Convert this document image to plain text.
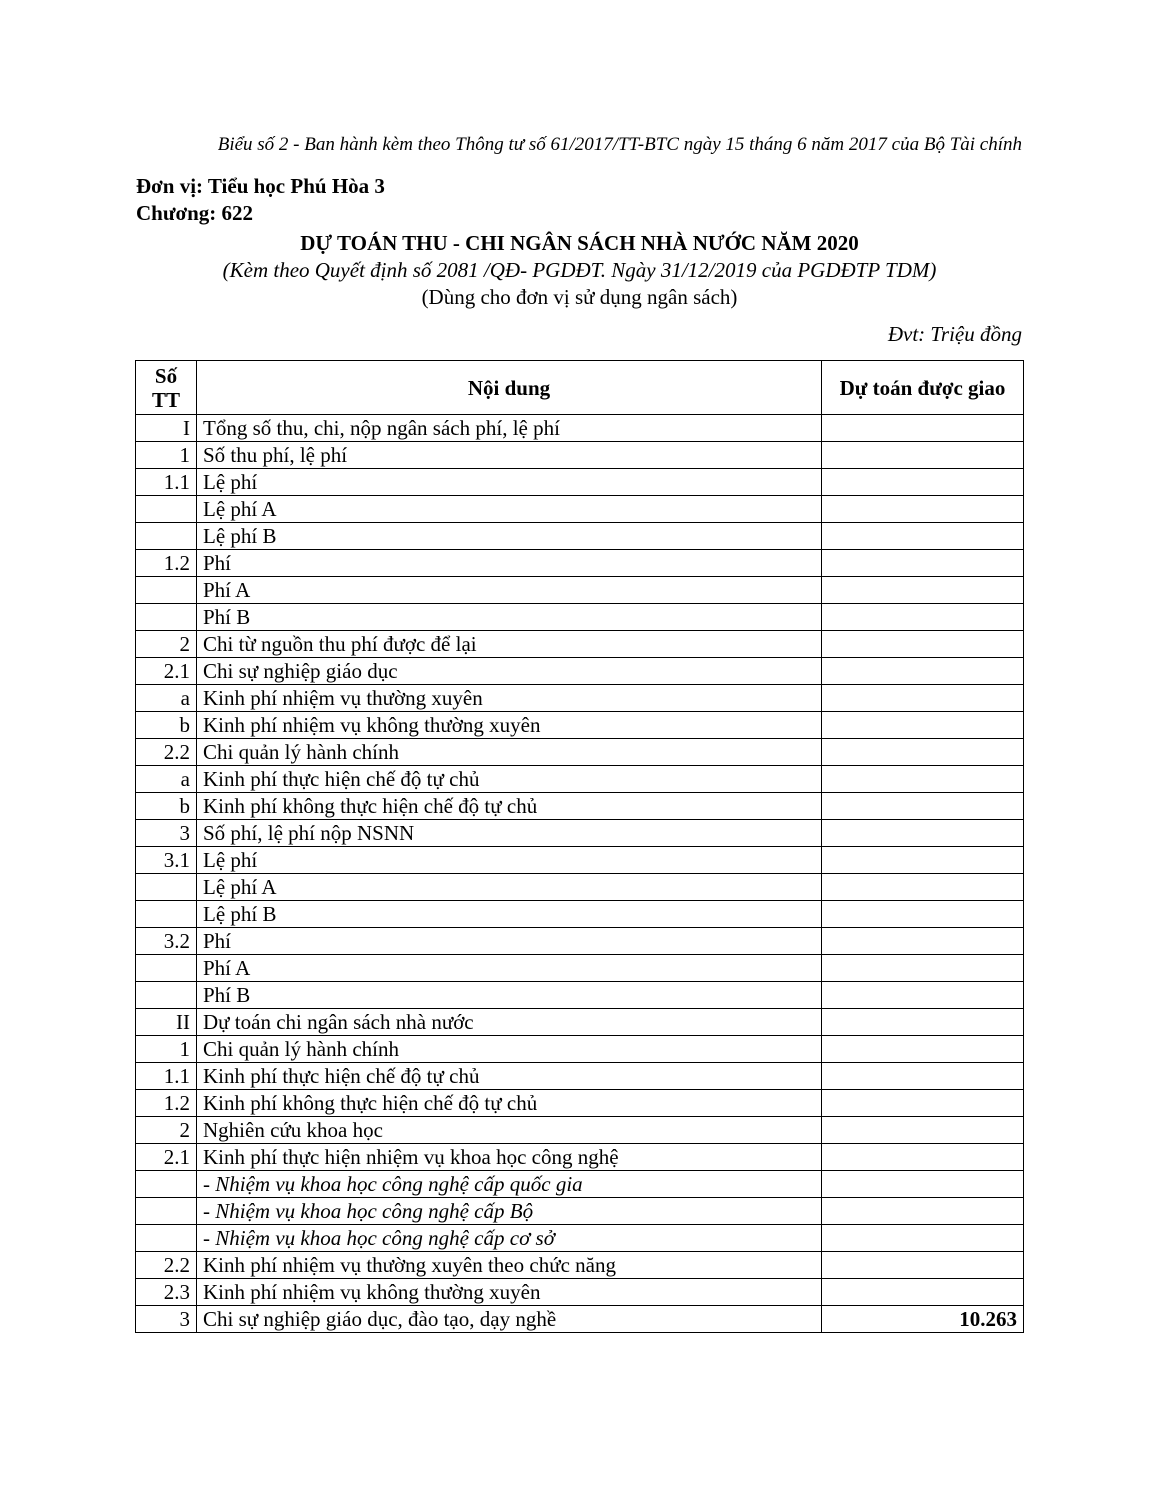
Biểu số 2 - Ban hành kèm theo Thông tư số 61/2017/TT-BTC ngày 15 tháng 6 năm 2017 của Bộ Tài chính
Đơn vị: Tiểu học Phú Hòa 3
Chương: 622
DỰ TOÁN THU - CHI NGÂN SÁCH NHÀ NƯỚC NĂM 2020
(Kèm theo Quyết định số 2081 /QĐ- PGDĐT. Ngày 31/12/2019 của PGDĐTP TDM)
(Dùng cho đơn vị sử dụng ngân sách)
Đvt: Triệu đồng
Số
TT	Nội dung	Dự toán được giao
I	Tổng số thu, chi, nộp ngân sách phí, lệ phí	
1	Số thu phí, lệ phí	
1.1	Lệ phí	
	Lệ phí A	
	Lệ phí B	
1.2	Phí	
	Phí A	
	Phí B	
2	Chi từ nguồn thu phí được để lại	
2.1	Chi sự nghiệp giáo dục	
a	Kinh phí nhiệm vụ thường xuyên	
b	Kinh phí nhiệm vụ không thường xuyên	
2.2	Chi quản lý hành chính	
a	Kinh phí thực hiện chế độ tự chủ	
b	Kinh phí không thực hiện chế độ tự chủ	
3	Số phí, lệ phí nộp NSNN	
3.1	Lệ phí	
	Lệ phí A	
	Lệ phí B	
3.2	Phí	
	Phí A	
	Phí B	
II	Dự toán chi ngân sách nhà nước	
1	Chi quản lý hành chính	
1.1	Kinh phí thực hiện chế độ tự chủ	
1.2	Kinh phí không thực hiện chế độ tự chủ	
2	Nghiên cứu khoa học	
2.1	Kinh phí thực hiện nhiệm vụ khoa học công nghệ	
	- Nhiệm vụ khoa học công nghệ cấp quốc gia	
	- Nhiệm vụ khoa học công nghệ cấp Bộ	
	- Nhiệm vụ khoa học công nghệ cấp cơ sở	
2.2	Kinh phí nhiệm vụ thường xuyên theo chức năng	
2.3	Kinh phí nhiệm vụ không thường xuyên	
3	Chi sự nghiệp giáo dục, đào tạo, dạy nghề	10.263
